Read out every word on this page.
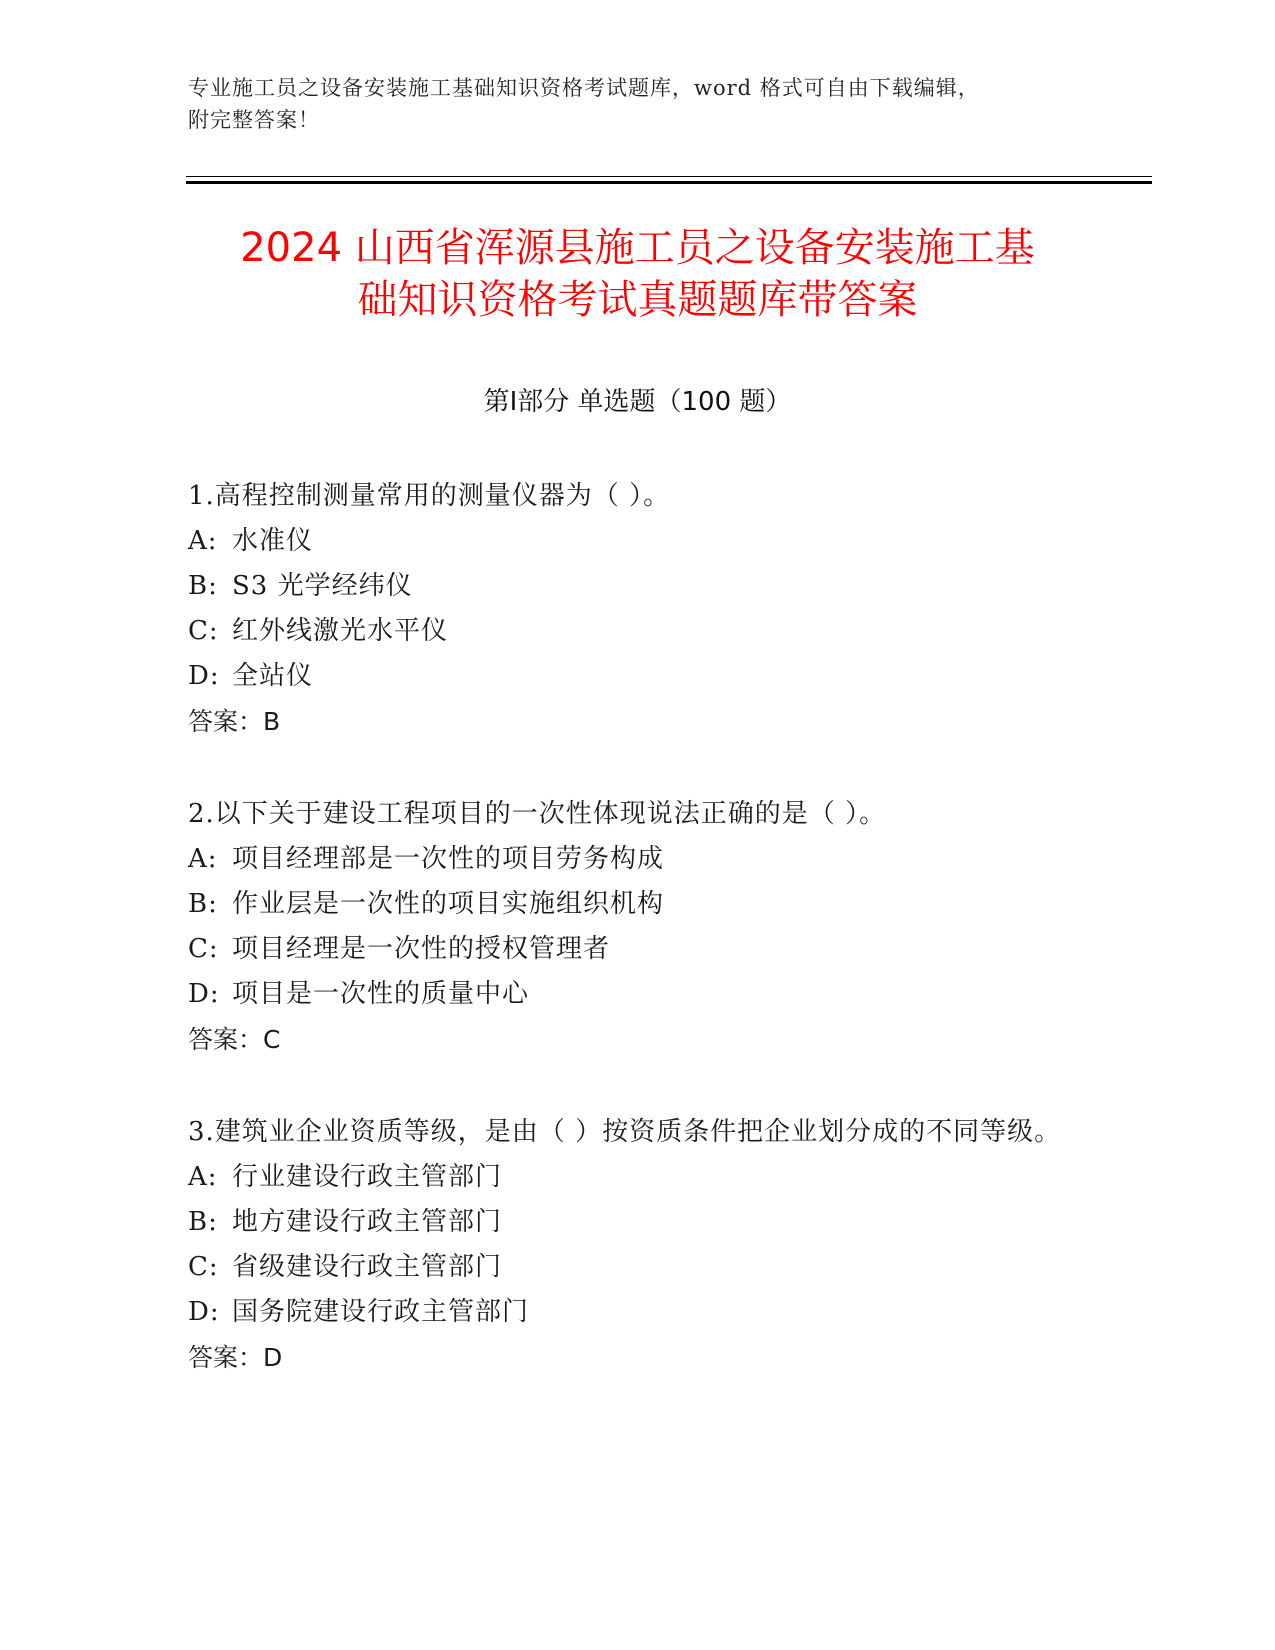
专业施工员之设备安装施工基础知识资格考试题库，word 格式可自由下载编辑，
附完整答案！
2024 山西省浑源县施工员之设备安装施工基
础知识资格考试真题题库带答案
第Ⅰ部分 单选题（100 题）

1.高程控制测量常用的测量仪器为（ ）。

A: 水准仪

B: S3 光学经纬仪

C: 红外线激光水平仪

D: 全站仪

答案：B

2.以下关于建设工程项目的一次性体现说法正确的是（ ）。

A: 项目经理部是一次性的项目劳务构成

B: 作业层是一次性的项目实施组织机构

C: 项目经理是一次性的授权管理者

D: 项目是一次性的质量中心

答案：C

3.建筑业企业资质等级，是由（ ）按资质条件把企业划分成的不同等级。

A: 行业建设行政主管部门

B: 地方建设行政主管部门

C: 省级建设行政主管部门

D: 国务院建设行政主管部门

答案：D
